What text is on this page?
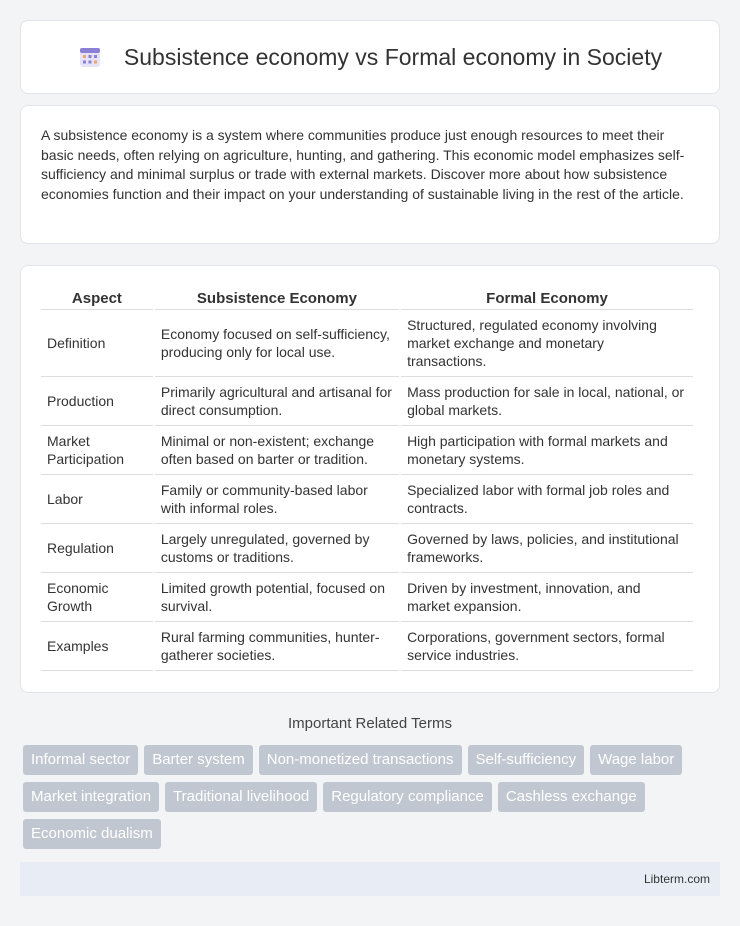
Subsistence economy vs Formal economy in Society

A subsistence economy is a system where communities produce just enough resources to meet their basic needs, often relying on agriculture, hunting, and gathering. This economic model emphasizes self-sufficiency and minimal surplus or trade with external markets. Discover more about how subsistence economies function and their impact on your understanding of sustainable living in the rest of the article.

Aspect	Subsistence Economy	Formal Economy
Definition	Economy focused on self-sufficiency, producing only for local use.	Structured, regulated economy involving market exchange and monetary transactions.
Production	Primarily agricultural and artisanal for direct consumption.	Mass production for sale in local, national, or global markets.
Market Participation	Minimal or non-existent; exchange often based on barter or tradition.	High participation with formal markets and monetary systems.
Labor	Family or community-based labor with informal roles.	Specialized labor with formal job roles and contracts.
Regulation	Largely unregulated, governed by customs or traditions.	Governed by laws, policies, and institutional frameworks.
Economic Growth	Limited growth potential, focused on survival.	Driven by investment, innovation, and market expansion.
Examples	Rural farming communities, hunter-gatherer societies.	Corporations, government sectors, formal service industries.
Important Related Terms
Informal sector	Barter system	Non-monetized transactions	Self-sufficiency	Wage labor
Market integration	Traditional livelihood	Regulatory compliance	Cashless exchange
Economic dualism
Libterm.com
